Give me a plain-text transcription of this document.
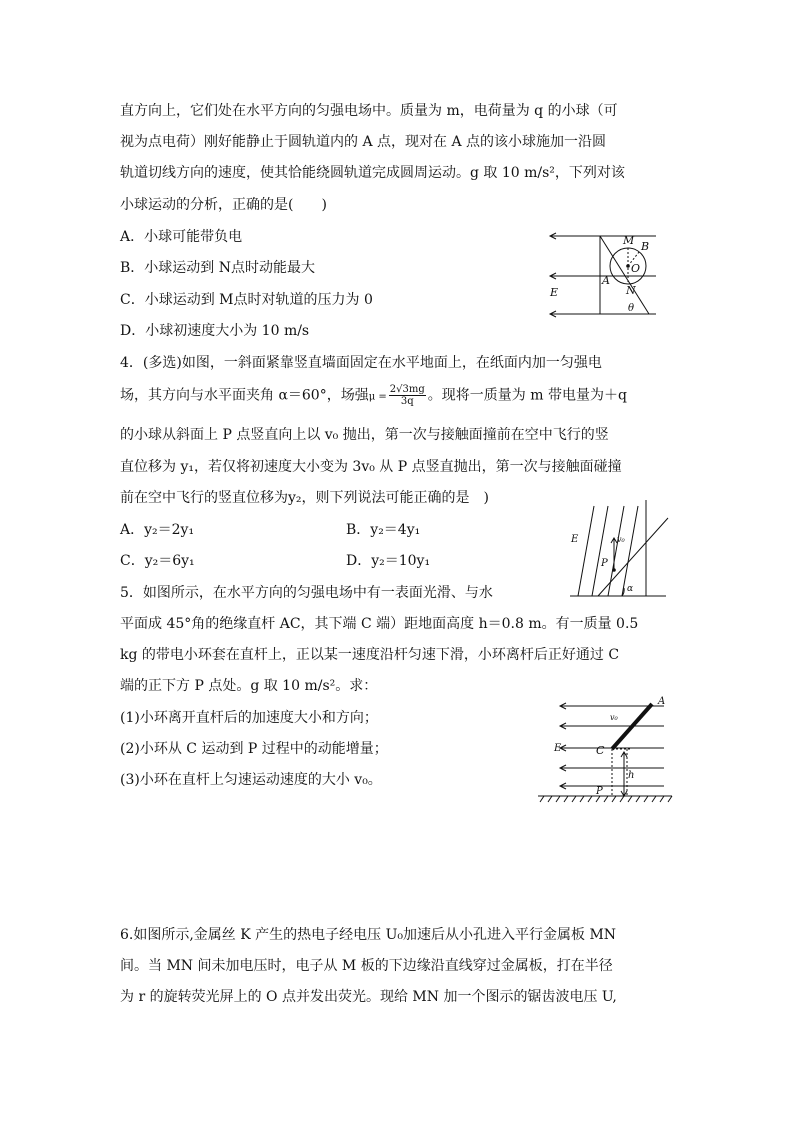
直方向上，它们处在水平方向的匀强电场中。质量为 m，电荷量为 q 的小球（可
视为点电荷）刚好能静止于圆轨道内的 A 点，现对在 A 点的该小球施加一沿圆
轨道切线方向的速度，使其恰能绕圆轨道完成圆周运动。g 取 10 m/s²，下列对该
小球运动的分析，正确的是(　　)
A．小球可能带负电
B．小球运动到 N点时动能最大
C．小球运动到 M点时对轨道的压力为 0
D．小球初速度大小为 10 m/s
M B
O
A
N
E
θ
4．(多选)如图，一斜面紧靠竖直墙面固定在水平地面上，在纸面内加一匀强电
场，其方向与水平面夹角 α＝60°，场强$\mu = \frac{2√3mg}{3q}$ 。现将一质量为 m 带电量为＋q
的小球从斜面上 P 点竖直向上以 v₀ 抛出，第一次与接触面撞前在空中飞行的竖
直位移为 y₁，若仅将初速度大小变为 3v₀ 从 P 点竖直抛出，第一次与接触面碰撞
前在空中飞行的竖直位移为y₂，则下列说法可能正确的是　)
A．y₂＝2y₁	B．y₂＝4y₁
C．y₂＝6y₁	D．y₂＝10y₁
E	v₀
P
α
5．如图所示，在水平方向的匀强电场中有一表面光滑、与水
平面成 45°角的绝缘直杆 AC，其下端 C 端）距地面高度 h＝0.8 m。有一质量 0.5
kg 的带电小环套在直杆上，正以某一速度沿杆匀速下滑，小环离杆后正好通过 C
端的正下方 P 点处。g 取 10 m/s²。求：
(1)小环离开直杆后的加速度大小和方向；
(2)小环从 C 运动到 P 过程中的动能增量；
(3)小环在直杆上匀速运动速度的大小 v₀。
A
v₀
E	C
h
P
6.如图所示,金属丝 K 产生的热电子经电压 U₀加速后从小孔进入平行金属板 MN
间。当 MN 间未加电压时，电子从 M 板的下边缘沿直线穿过金属板，打在半径
为 r 的旋转荧光屏上的 O 点并发出荧光。现给 MN 加一个图示的锯齿波电压 U,
